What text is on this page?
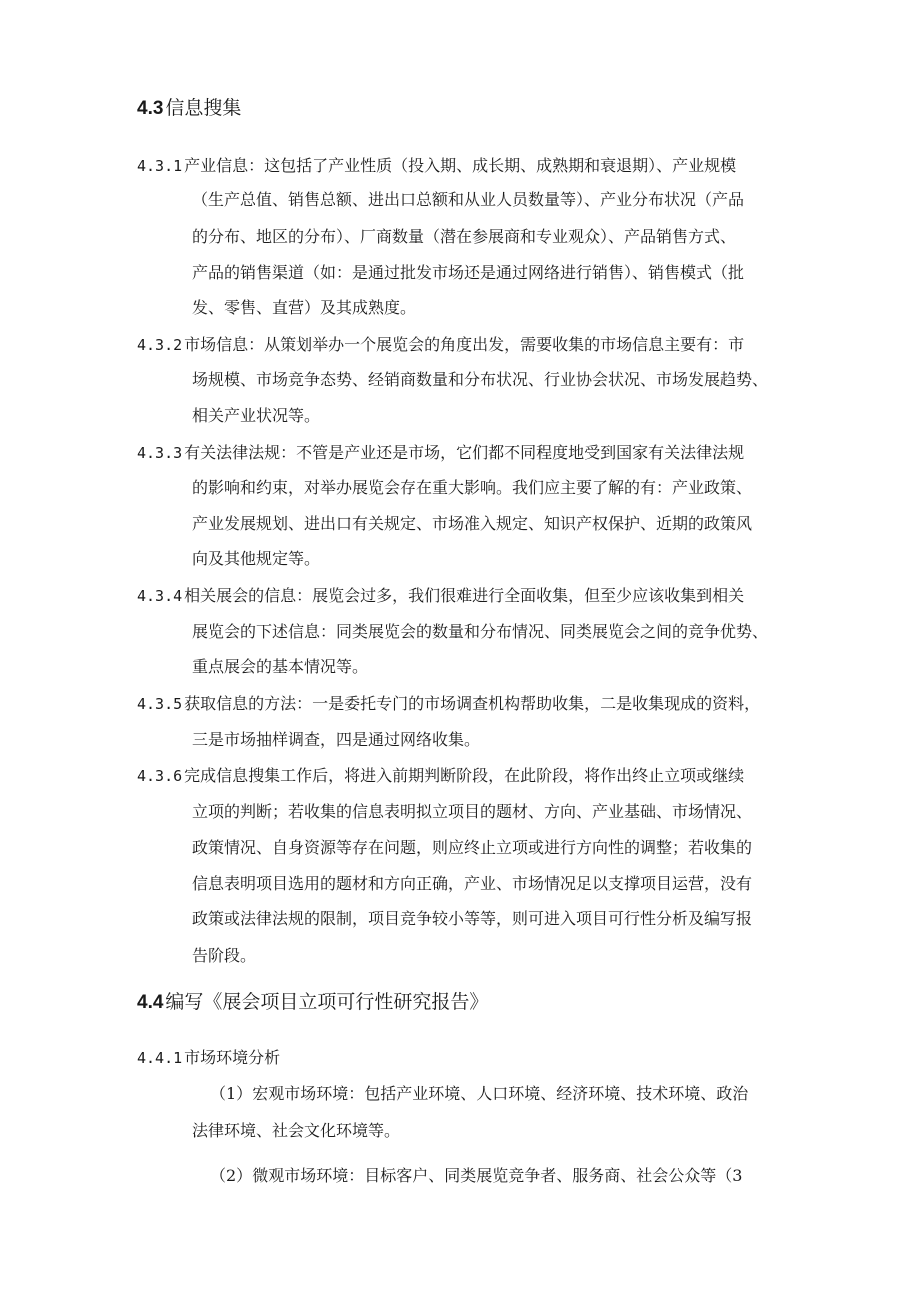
4.3 信息搜集
4.3.1 产业信息：这包括了产业性质（投入期、成长期、成熟期和衰退期）、产业规模
（生产总值、销售总额、进出口总额和从业人员数量等）、产业分布状况（产品
的分布、地区的分布）、厂商数量（潜在参展商和专业观众）、产品销售方式、
产品的销售渠道（如：是通过批发市场还是通过网络进行销售）、销售模式（批
发、零售、直营）及其成熟度。
4.3.2 市场信息：从策划举办一个展览会的角度出发，需要收集的市场信息主要有：市
场规模、市场竞争态势、经销商数量和分布状况、行业协会状况、市场发展趋势、
相关产业状况等。
4.3.3 有关法律法规：不管是产业还是市场，它们都不同程度地受到国家有关法律法规
的影响和约束，对举办展览会存在重大影响。我们应主要了解的有：产业政策、
产业发展规划、进出口有关规定、市场准入规定、知识产权保护、近期的政策风
向及其他规定等。
4.3.4 相关展会的信息：展览会过多，我们很难进行全面收集，但至少应该收集到相关
展览会的下述信息：同类展览会的数量和分布情况、同类展览会之间的竞争优势、
重点展会的基本情况等。
4.3.5 获取信息的方法：一是委托专门的市场调查机构帮助收集，二是收集现成的资料，
三是市场抽样调查，四是通过网络收集。
4.3.6 完成信息搜集工作后，将进入前期判断阶段，在此阶段，将作出终止立项或继续
立项的判断；若收集的信息表明拟立项目的题材、方向、产业基础、市场情况、
政策情况、自身资源等存在问题，则应终止立项或进行方向性的调整；若收集的
信息表明项目选用的题材和方向正确，产业、市场情况足以支撑项目运营，没有
政策或法律法规的限制，项目竞争较小等等，则可进入项目可行性分析及编写报
告阶段。
4.4 编写《展会项目立项可行性研究报告》
4.4.1 市场环境分析
（1）宏观市场环境：包括产业环境、人口环境、经济环境、技术环境、政治
法律环境、社会文化环境等。
（2）微观市场环境：目标客户、同类展览竞争者、服务商、社会公众等（3
